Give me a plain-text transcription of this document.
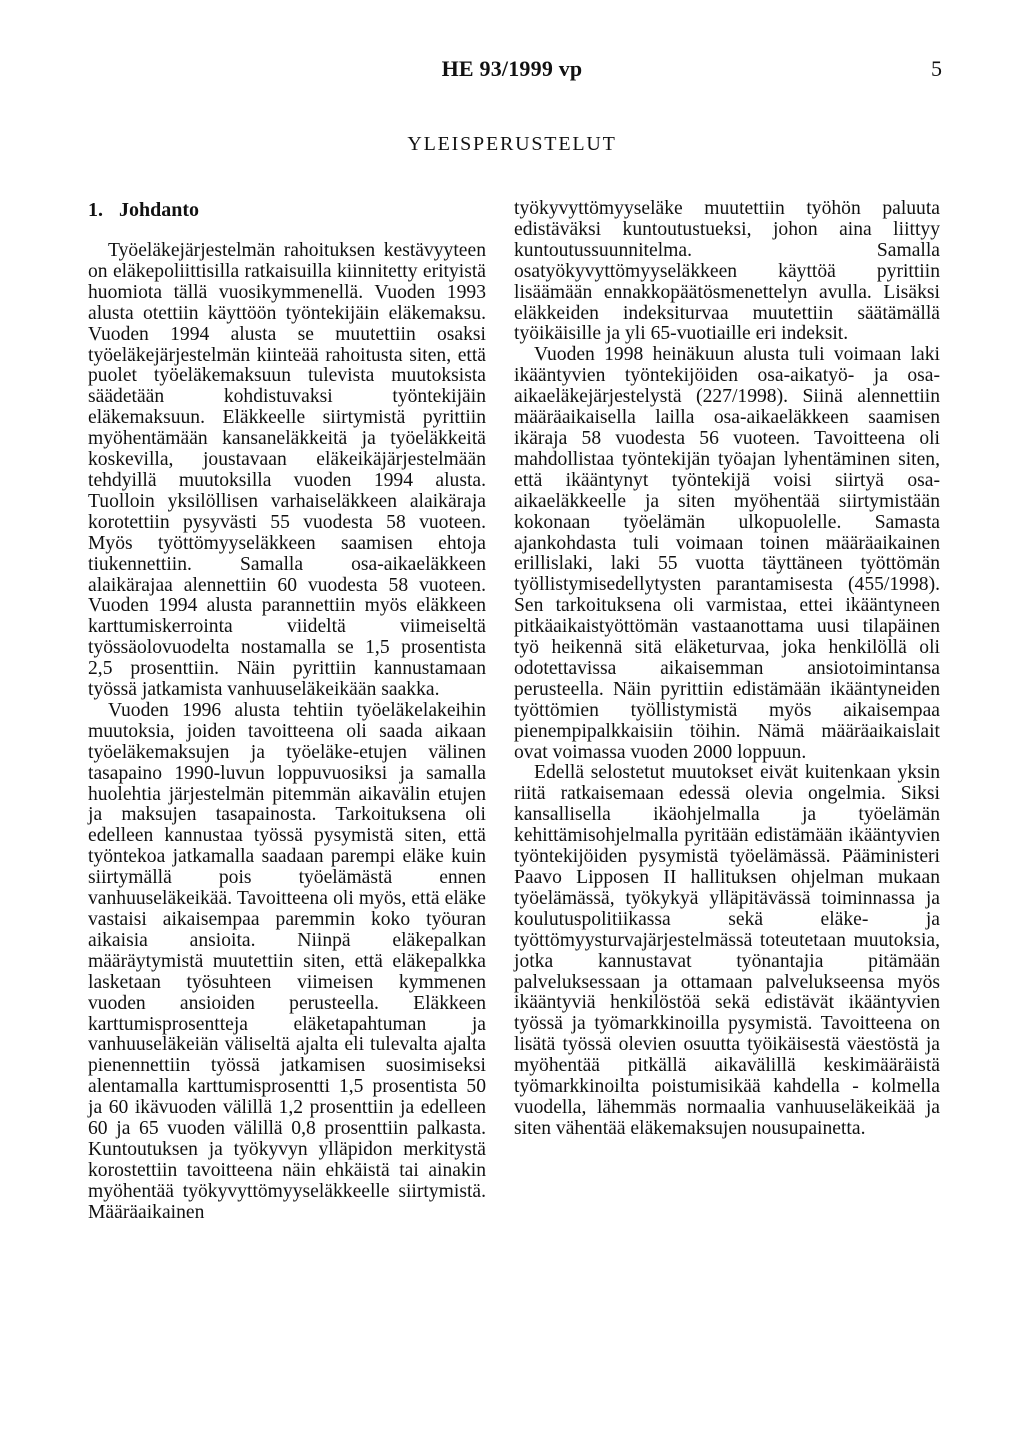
HE 93/1999 vp	5
YLEISPERUSTELUT
1. Johdanto

Työeläkejärjestelmän rahoituksen kestävyyteen on eläkepoliittisilla ratkaisuilla kiinnitetty erityistä huomiota tällä vuosikymmenellä. Vuoden 1993 alusta otettiin käyttöön työntekijäin eläkemaksu. Vuoden 1994 alusta se muutettiin osaksi työeläkejärjestelmän kiinteää rahoitusta siten, että puolet työeläkemaksuun tulevista muutoksista säädetään kohdistuvaksi työntekijäin eläkemaksuun. Eläkkeelle siirtymistä pyrittiin myöhentämään kansaneläkkeitä ja työeläkkeitä koskevilla, joustavaan eläkeikäjärjestelmään tehdyillä muutoksilla vuoden 1994 alusta. Tuolloin yksilöllisen varhaiseläkkeen alaikäraja korotettiin pysyvästi 55 vuodesta 58 vuoteen. Myös työttömyyseläkkeen saamisen ehtoja tiukennettiin. Samalla osa-aikaeläkkeen alaikärajaa alennettiin 60 vuodesta 58 vuoteen. Vuoden 1994 alusta parannettiin myös eläkkeen karttumiskerrointa viideltä viimeiseltä työssäolovuodelta nostamalla se 1,5 prosentista 2,5 prosenttiin. Näin pyrittiin kannustamaan työssä jatkamista vanhuuseläkeikään saakka.

Vuoden 1996 alusta tehtiin työeläkelakeihin muutoksia, joiden tavoitteena oli saada aikaan työeläkemaksujen ja työeläke-etujen välinen tasapaino 1990-luvun loppuvuosiksi ja samalla huolehtia järjestelmän pitemmän aikavälin etujen ja maksujen tasapainosta. Tarkoituksena oli edelleen kannustaa työssä pysymistä siten, että työntekoa jatkamalla saadaan parempi eläke kuin siirtymällä pois työelämästä ennen vanhuuseläkeikää. Tavoitteena oli myös, että eläke vastaisi aikaisempaa paremmin koko työuran aikaisia ansioita. Niinpä eläkepalkan määräytymistä muutettiin siten, että eläkepalkka lasketaan työsuhteen viimeisen kymmenen vuoden ansioiden perusteella. Eläkkeen karttumisprosentteja eläketapahtuman ja vanhuuseläkeiän väliseltä ajalta eli tulevalta ajalta pienennettiin työssä jatkamisen suosimiseksi alentamalla karttumisprosentti 1,5 prosentista 50 ja 60 ikävuoden välillä 1,2 prosenttiin ja edelleen 60 ja 65 vuoden välillä 0,8 prosenttiin palkasta. Kuntoutuksen ja työkyvyn ylläpidon merkitystä korostettiin tavoitteena näin ehkäistä tai ainakin myöhentää työkyvyttömyyseläkkeelle siirtymistä. Määräaikainen

työkyvyttömyyseläke muutettiin työhön paluuta edistäväksi kuntoutustueksi, johon aina liittyy kuntoutussuunnitelma. Samalla osatyökyvyttömyyseläkkeen käyttöä pyrittiin lisäämään ennakkopäätösmenettelyn avulla. Lisäksi eläkkeiden indeksiturvaa muutettiin säätämällä työikäisille ja yli 65-vuotiaille eri indeksit.

Vuoden 1998 heinäkuun alusta tuli voimaan laki ikääntyvien työntekijöiden osa-aikatyö- ja osa-aikaeläkejärjestelystä (227/1998). Siinä alennettiin määräaikaisella lailla osa-aikaeläkkeen saamisen ikäraja 58 vuodesta 56 vuoteen. Tavoitteena oli mahdollistaa työntekijän työajan lyhentäminen siten, että ikääntynyt työntekijä voisi siirtyä osa-aikaeläkkeelle ja siten myöhentää siirtymistään kokonaan työelämän ulkopuolelle. Samasta ajankohdasta tuli voimaan toinen määräaikainen erillislaki, laki 55 vuotta täyttäneen työttömän työllistymisedellytysten parantamisesta (455/1998). Sen tarkoituksena oli varmistaa, ettei ikääntyneen pitkäaikaistyöttömän vastaanottama uusi tilapäinen työ heikennä sitä eläketurvaa, joka henkilöllä oli odotettavissa aikaisemman ansiotoimintansa perusteella. Näin pyrittiin edistämään ikääntyneiden työttömien työllistymistä myös aikaisempaa pienempipalkkaisiin töihin. Nämä määräaikaislait ovat voimassa vuoden 2000 loppuun.

Edellä selostetut muutokset eivät kuitenkaan yksin riitä ratkaisemaan edessä olevia ongelmia. Siksi kansallisella ikäohjelmalla ja työelämän kehittämisohjelmalla pyritään edistämään ikääntyvien työntekijöiden pysymistä työelämässä. Pääministeri Paavo Lipposen II hallituksen ohjelman mukaan työelämässä, työkykyä ylläpitävässä toiminnassa ja koulutuspolitiikassa sekä eläke- ja työttömyysturvajärjestelmässä toteutetaan muutoksia, jotka kannustavat työnantajia pitämään palveluksessaan ja ottamaan palvelukseensa myös ikääntyviä henkilöstöä sekä edistävät ikääntyvien työssä ja työmarkkinoilla pysymistä. Tavoitteena on lisätä työssä olevien osuutta työikäisestä väestöstä ja myöhentää pitkällä aikavälillä keskimääräistä työmarkkinoilta poistumisikää kahdella - kolmella vuodella, lähemmäs normaalia vanhuuseläkeikää ja siten vähentää eläkemaksujen nousupainetta.
